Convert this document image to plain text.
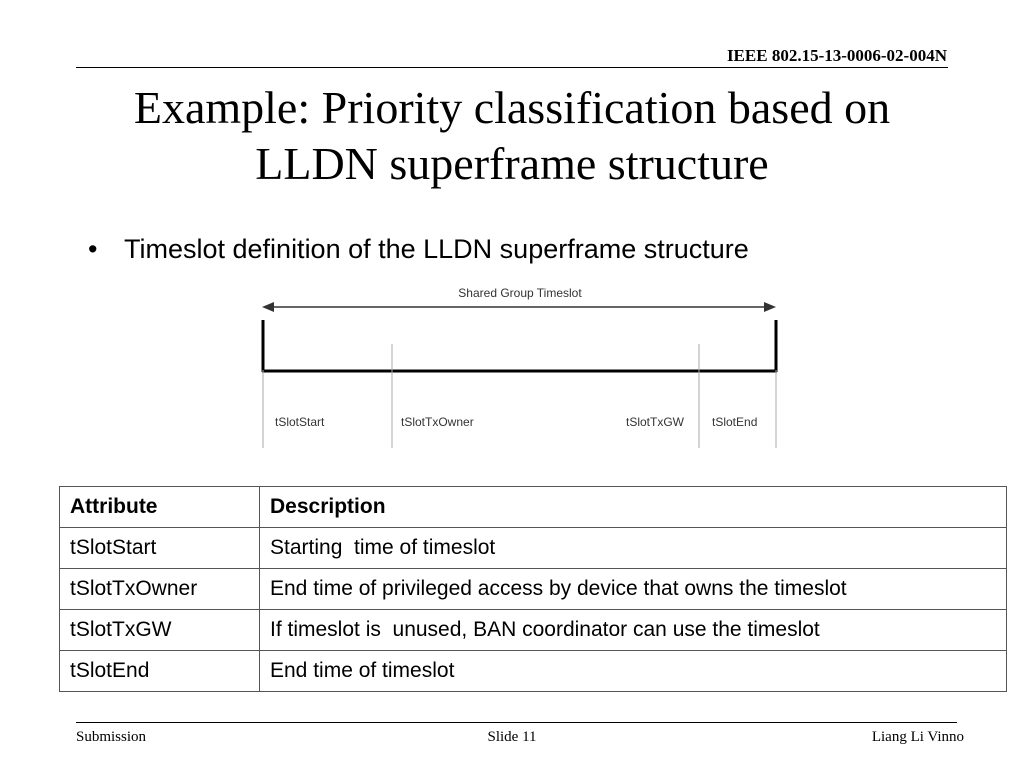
IEEE 802.15-13-0006-02-004N
Example: Priority classification based on
LLDN superframe structure
• Timeslot definition of the LLDN superframe structure
Shared Group Timeslot
tSlotStart	tSlotTxOwner	tSlotTxGW tSlotEnd
Attribute	Description
tSlotStart	Starting  time of timeslot
tSlotTxOwner	End time of privileged access by device that owns the timeslot
tSlotTxGW	If timeslot is  unused, BAN coordinator can use the timeslot
tSlotEnd	End time of timeslot
Submission	Slide 11	Liang Li Vinno
